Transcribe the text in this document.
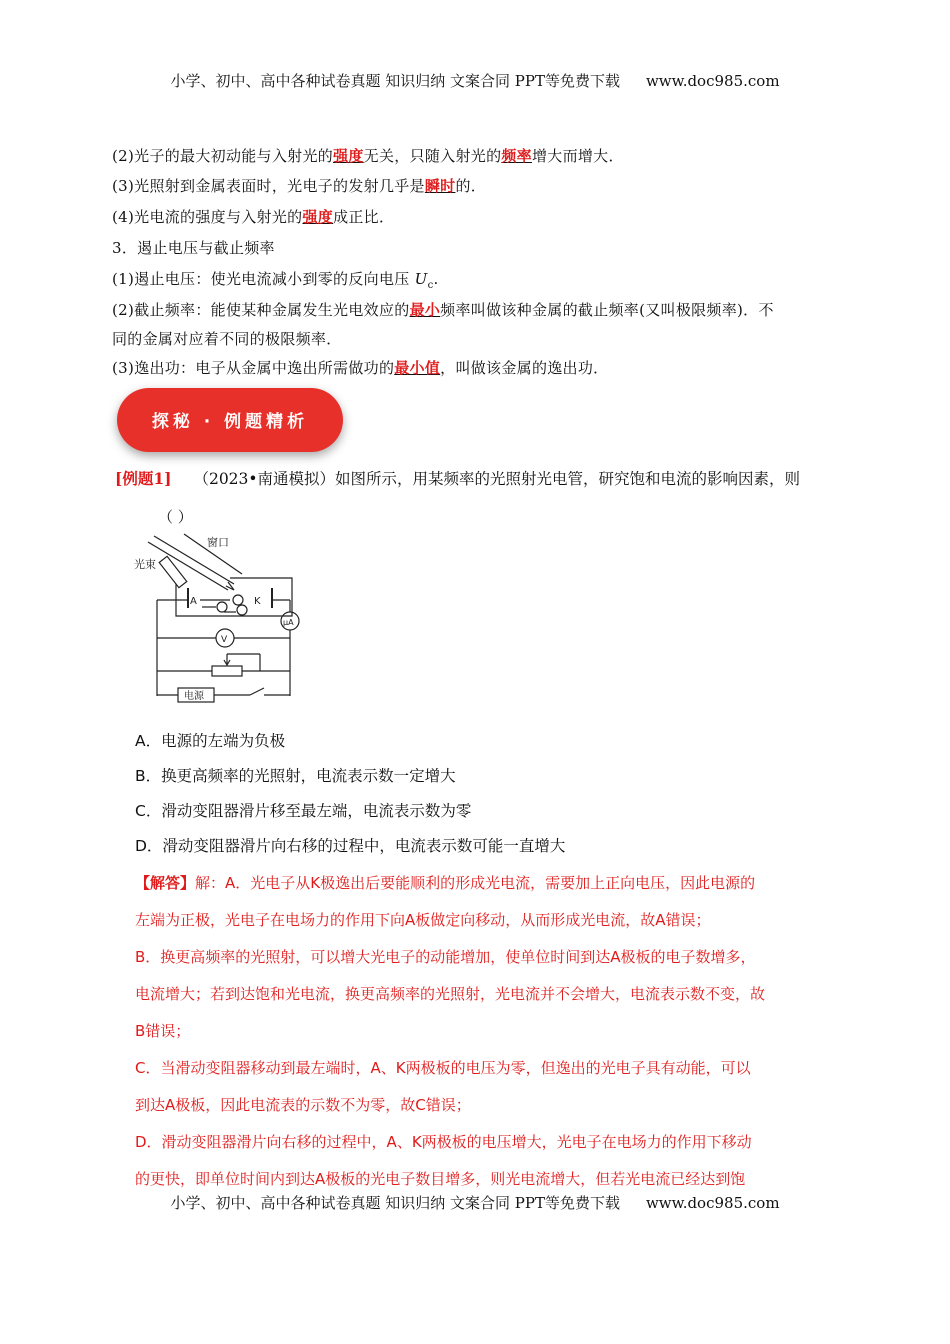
小学、初中、高中各种试卷真题 知识归纳 文案合同 PPT等免费下载 www.doc985.com
(2)光子的最大初动能与入射光的强度无关，只随入射光的频率增大而增大．
(3)光照射到金属表面时，光电子的发射几乎是瞬时的．
(4)光电流的强度与入射光的强度成正比．
3．遏止电压与截止频率
(1)遏止电压：使光电流减小到零的反向电压 $U_c$.
(2)截止频率：能使某种金属发生光电效应的最小频率叫做该种金属的截止频率(又叫极限频率)．不
同的金属对应着不同的极限频率．
(3)逸出功：电子从金属中逸出所需做功的最小值，叫做该金属的逸出功．
探秘 · 例题精析
[例题1] （2023•南通模拟）如图所示，用某频率的光照射光电管，研究饱和电流的影响因素，则
（ ）
窗口
光束
A	K
μA
V
电源
A．电源的左端为负极
B．换更高频率的光照射，电流表示数一定增大
C．滑动变阻器滑片移至最左端，电流表示数为零
D．滑动变阻器滑片向右移的过程中，电流表示数可能一直增大
【解答】解：A．光电子从K极逸出后要能顺利的形成光电流，需要加上正向电压，因此电源的
左端为正极，光电子在电场力的作用下向A板做定向移动，从而形成光电流，故A错误；
B．换更高频率的光照射，可以增大光电子的动能增加，使单位时间到达A极板的电子数增多，
电流增大；若到达饱和光电流，换更高频率的光照射，光电流并不会增大，电流表示数不变，故
B错误；
C．当滑动变阻器移动到最左端时，A、K两极板的电压为零，但逸出的光电子具有动能，可以
到达A极板，因此电流表的示数不为零，故C错误；
D．滑动变阻器滑片向右移的过程中，A、K两极板的电压增大，光电子在电场力的作用下移动
的更快，即单位时间内到达A极板的光电子数目增多，则光电流增大，但若光电流已经达到饱
小学、初中、高中各种试卷真题 知识归纳 文案合同 PPT等免费下载 www.doc985.com
